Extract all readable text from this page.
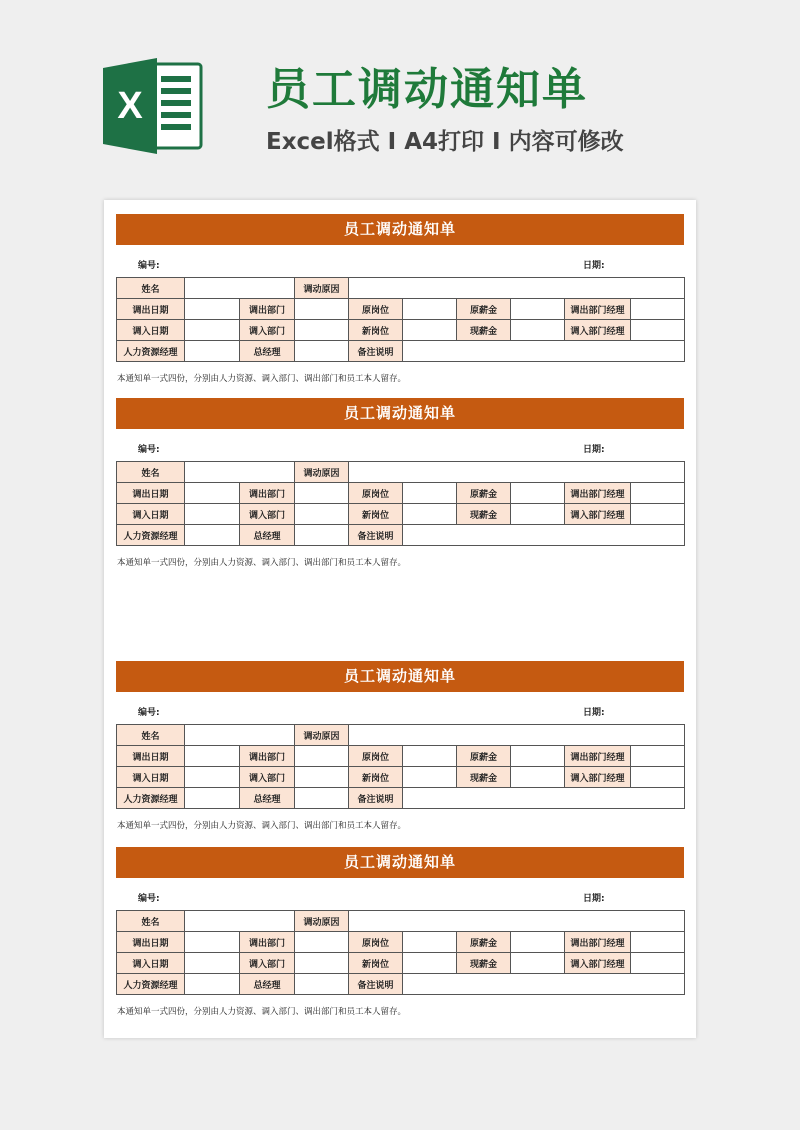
X	员工调动通知单

Excel格式 I A4打印 I 内容可修改

员工调动通知单
编号:	日期:
姓名			调动原因						
调出日期		调出部门		原岗位		原薪金		调出部门经理	
调入日期		调入部门		新岗位		现薪金		调入部门经理	
人力资源经理		总经理		备注说明					
本通知单一式四份，分别由人力资源、调入部门、调出部门和员工本人留存。
员工调动通知单
编号:	日期:
姓名			调动原因						
调出日期		调出部门		原岗位		原薪金		调出部门经理	
调入日期		调入部门		新岗位		现薪金		调入部门经理	
人力资源经理		总经理		备注说明					
本通知单一式四份，分别由人力资源、调入部门、调出部门和员工本人留存。
员工调动通知单
编号:	日期:
姓名			调动原因						
调出日期		调出部门		原岗位		原薪金		调出部门经理	
调入日期		调入部门		新岗位		现薪金		调入部门经理	
人力资源经理		总经理		备注说明					
本通知单一式四份，分别由人力资源、调入部门、调出部门和员工本人留存。
员工调动通知单
编号:	日期:
姓名			调动原因						
调出日期		调出部门		原岗位		原薪金		调出部门经理	
调入日期		调入部门		新岗位		现薪金		调入部门经理	
人力资源经理		总经理		备注说明					
本通知单一式四份，分别由人力资源、调入部门、调出部门和员工本人留存。
